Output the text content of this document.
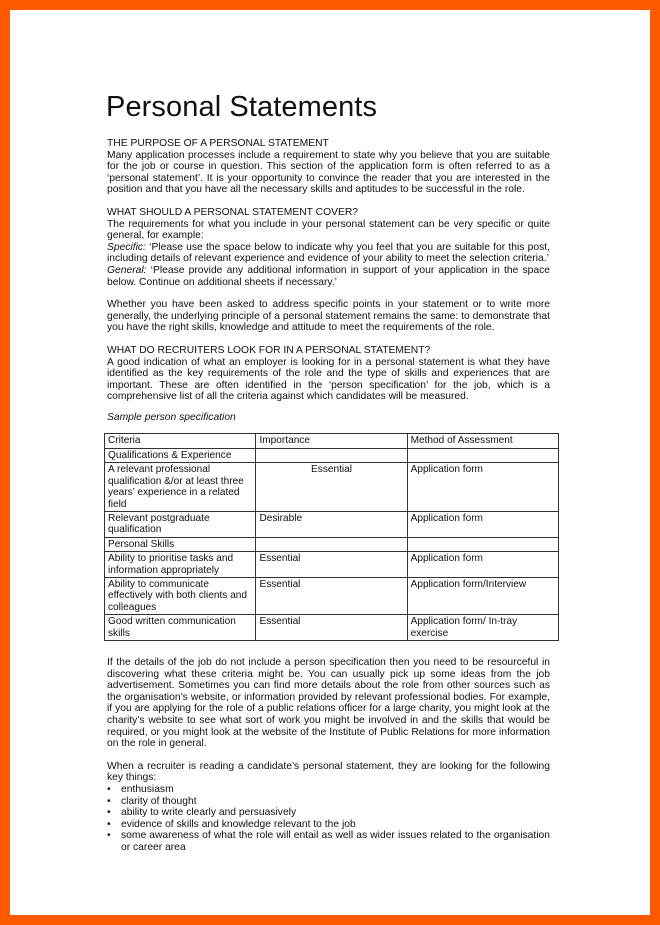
Personal Statements
THE PURPOSE OF A PERSONAL STATEMENT

Many application processes include a requirement to state why you believe that you are suitable for the job or course in question. This section of the application form is often referred to as a ‘personal statement’. It is your opportunity to convince the reader that you are interested in the position and that you have all the necessary skills and aptitudes to be successful in the role.

WHAT SHOULD A PERSONAL STATEMENT COVER?

The requirements for what you include in your personal statement can be very specific or quite general, for example:

Specific: ‘Please use the space below to indicate why you feel that you are suitable for this post, including details of relevant experience and evidence of your ability to meet the selection criteria.’

General: ‘Please provide any additional information in support of your application in the space below. Continue on additional sheets if necessary.’

Whether you have been asked to address specific points in your statement or to write more generally, the underlying principle of a personal statement remains the same: to demonstrate that you have the right skills, knowledge and attitude to meet the requirements of the role.

WHAT DO RECRUITERS LOOK FOR IN A PERSONAL STATEMENT?

A good indication of what an employer is looking for in a personal statement is what they have identified as the key requirements of the role and the type of skills and experiences that are important. These are often identified in the ‘person specification’ for the job, which is a comprehensive list of all the criteria against which candidates will be measured.

Sample person specification
Criteria	Importance	Method of Assessment
Qualifications & Experience		
A relevant professional qualification &/or at least three years’ experience in a related field	Essential	Application form
Relevant postgraduate qualification	Desirable	Application form
Personal Skills		
Ability to prioritise tasks and information appropriately	Essential	Application form
Ability to communicate effectively with both clients and colleagues	Essential	Application form/Interview
Good written communication skills	Essential	Application form/ In-tray exercise

If the details of the job do not include a person specification then you need to be resourceful in discovering what these criteria might be. You can usually pick up some ideas from the job advertisement. Sometimes you can find more details about the role from other sources such as the organisation’s website, or information provided by relevant professional bodies. For example, if you are applying for the role of a public relations officer for a large charity, you might look at the charity’s website to see what sort of work you might be involved in and the skills that would be required, or you might look at the website of the Institute of Public Relations for more information on the role in general.

When a recruiter is reading a candidate’s personal statement, they are looking for the following key things:

• enthusiasm
• clarity of thought
• ability to write clearly and persuasively
• evidence of skills and knowledge relevant to the job
• some awareness of what the role will entail as well as wider issues related to the organisation or career area
